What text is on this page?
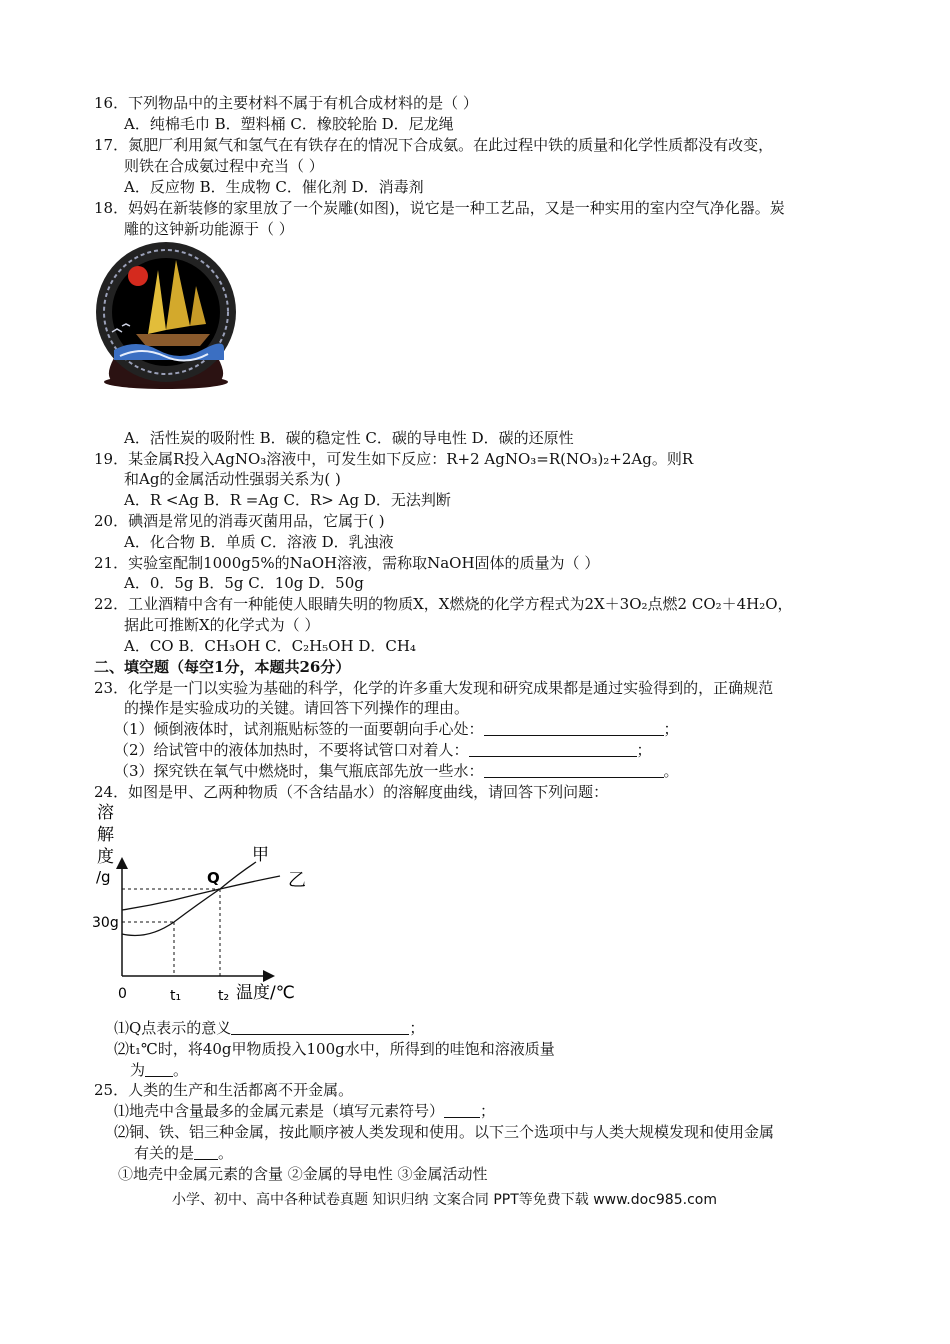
16．下列物品中的主要材料不属于有机合成材料的是（ ）
A．纯棉毛巾 B．塑料桶 C．橡胶轮胎 D．尼龙绳
17．氮肥厂利用氮气和氢气在有铁存在的情况下合成氨。在此过程中铁的质量和化学性质都没有改变，
则铁在合成氨过程中充当（ ）
A．反应物 B．生成物 C．催化剂 D．消毒剂
18．妈妈在新装修的家里放了一个炭雕(如图)，说它是一种工艺品，又是一种实用的室内空气净化器。炭
雕的这钟新功能源于（ ）
A．活性炭的吸附性 B．碳的稳定性 C．碳的导电性 D．碳的还原性
19．某金属R投入AgNO₃溶液中，可发生如下反应：R+2 AgNO₃=R(NO₃)₂+2Ag。则R
和Ag的金属活动性强弱关系为( )
A．R <Ag B．R =Ag C．R> Ag D．无法判断
20．碘酒是常见的消毒灭菌用品，它属于( )
A．化合物 B．单质 C．溶液 D．乳浊液
21．实验室配制1000g5%的NaOH溶液，需称取NaOH固体的质量为（ ）
A．0．5g B．5g C．10g D．50g
22．工业酒精中含有一种能使人眼睛失明的物质X，X燃烧的化学方程式为2X＋3O₂点燃2 CO₂＋4H₂O，
据此可推断X的化学式为（ ）
A．CO B．CH₃OH C．C₂H₅OH D．CH₄
二、填空题（每空1分，本题共26分）
23．化学是一门以实验为基础的科学，化学的许多重大发现和研究成果都是通过实验得到的，正确规范
的操作是实验成功的关键。请回答下列操作的理由。
（1）倾倒液体时，试剂瓶贴标签的一面要朝向手心处：	；
（2）给试管中的液体加热时，不要将试管口对着人：	；
（3）探究铁在氧气中燃烧时，集气瓶底部先放一些水：	。
24．如图是甲、乙两种物质（不含结晶水）的溶解度曲线，请回答下列问题：
溶
解
度
/g
甲
乙
Q
30g
0	t₁	t₂ 温度/℃
⑴Q点表示的意义	；
⑵t₁℃时，将40g甲物质投入100g水中，所得到的哇饱和溶液质量
为 。
25．人类的生产和生活都离不开金属。
⑴地壳中含量最多的金属元素是（填写元素符号） ；
⑵铜、铁、铝三种金属，按此顺序被人类发现和使用。以下三个选项中与人类大规模发现和使用金属
有关的是 。
①地壳中金属元素的含量 ②金属的导电性 ③金属活动性
小学、初中、高中各种试卷真题 知识归纳 文案合同 PPT等免费下载 www.doc985.com
